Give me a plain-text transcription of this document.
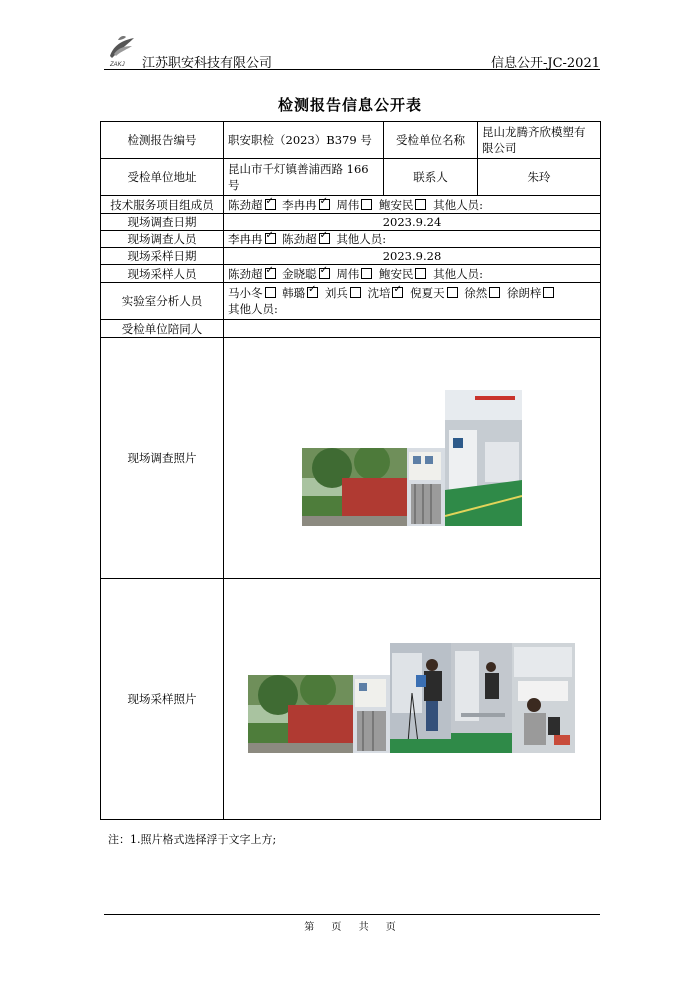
ZAKJ 江苏职安科技有限公司	信息公开-JC-2021
检测报告信息公开表
检测报告编号	职安职检（2023）B379 号	受检单位名称	昆山龙腾齐欣模塑有限公司
受检单位地址	昆山市千灯镇善浦西路 166 号	联系人	朱玲
技术服务项目组成员	陈劲超 ✓ 李冉冉 ✓ 周伟 鲍安民 其他人员:
现场调查日期	2023.9.24		
现场调查人员	李冉冉 ✓ 陈劲超 ✓ 其他人员:
现场采样日期	2023.9.28		
现场采样人员	陈劲超 ✓ 金晓聪 ✓ 周伟 鲍安民 其他人员:
实验室分析人员	马小冬 韩璐 ✓ 刘兵 沈培 ✓ 倪夏天 徐然 徐朗梓
其他人员:
受检单位陪同人			
现场调查照片	

现场采样照片	
注：1.照片格式选择浮于文字上方;
第 页 共 页
